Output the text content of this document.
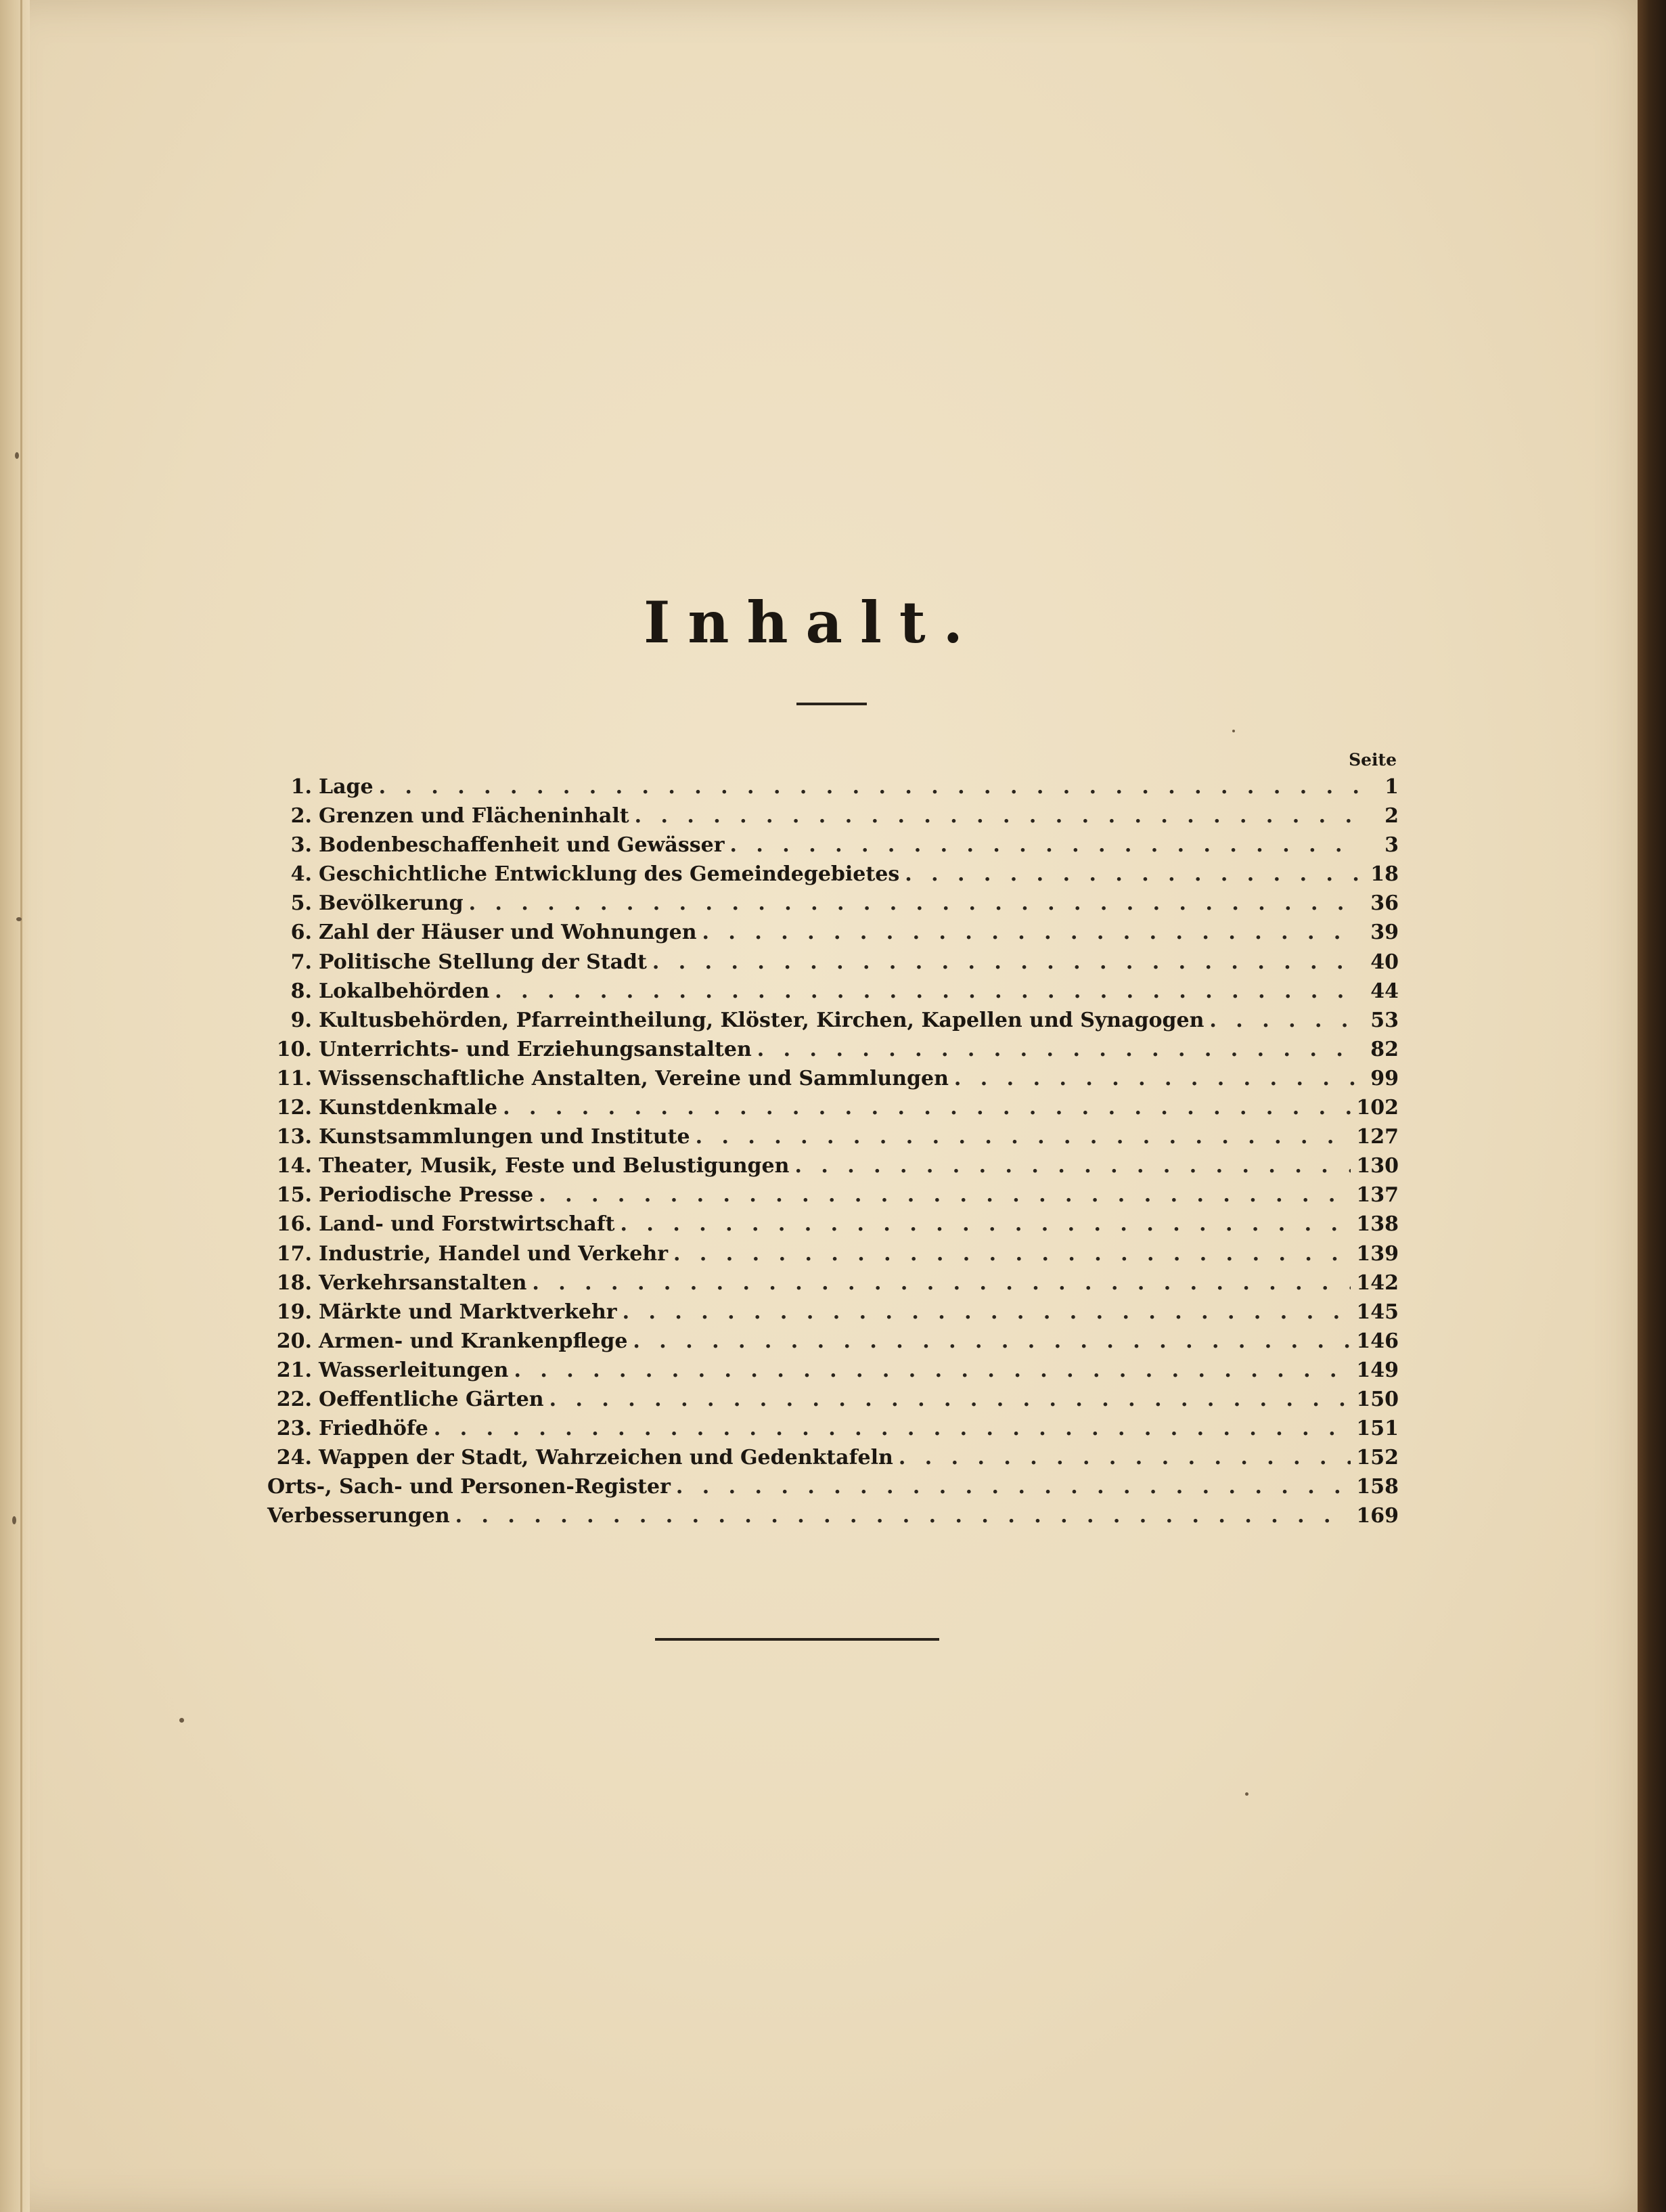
Inhalt.
Seite
1. Lage . . .	1
2. Grenzen und Flächeninhalt . . .	2
3. Bodenbeschaffenheit und Gewässer . . .	3
4. Geschichtliche Entwicklung des Gemeindegebietes . . .	18
5. Bevölkerung . . .	36
6. Zahl der Häuser und Wohnungen . . .	39
7. Politische Stellung der Stadt . . .	40
8. Lokalbehörden . . .	44
9. Kultusbehörden, Pfarreintheilung, Klöster, Kirchen, Kapellen und Synagogen . . .	53
10. Unterrichts- und Erziehungsanstalten . . .	82
11. Wissenschaftliche Anstalten, Vereine und Sammlungen . . .	99
12. Kunstdenkmale . . .	102
13. Kunstsammlungen und Institute . . .	127
14. Theater, Musik, Feste und Belustigungen . . .	130
15. Periodische Presse . . .	137
16. Land- und Forstwirtschaft . . .	138
17. Industrie, Handel und Verkehr . . .	139
18. Verkehrsanstalten . . .	142
19. Märkte und Marktverkehr . . .	145
20. Armen- und Krankenpflege . . .	146
21. Wasserleitungen . . .	149
22. Oeffentliche Gärten . . .	150
23. Friedhöfe . . .	151
24. Wappen der Stadt, Wahrzeichen und Gedenktafeln . . .	152
Orts-, Sach- und Personen-Register . . .	158
Verbesserungen . . .	169
